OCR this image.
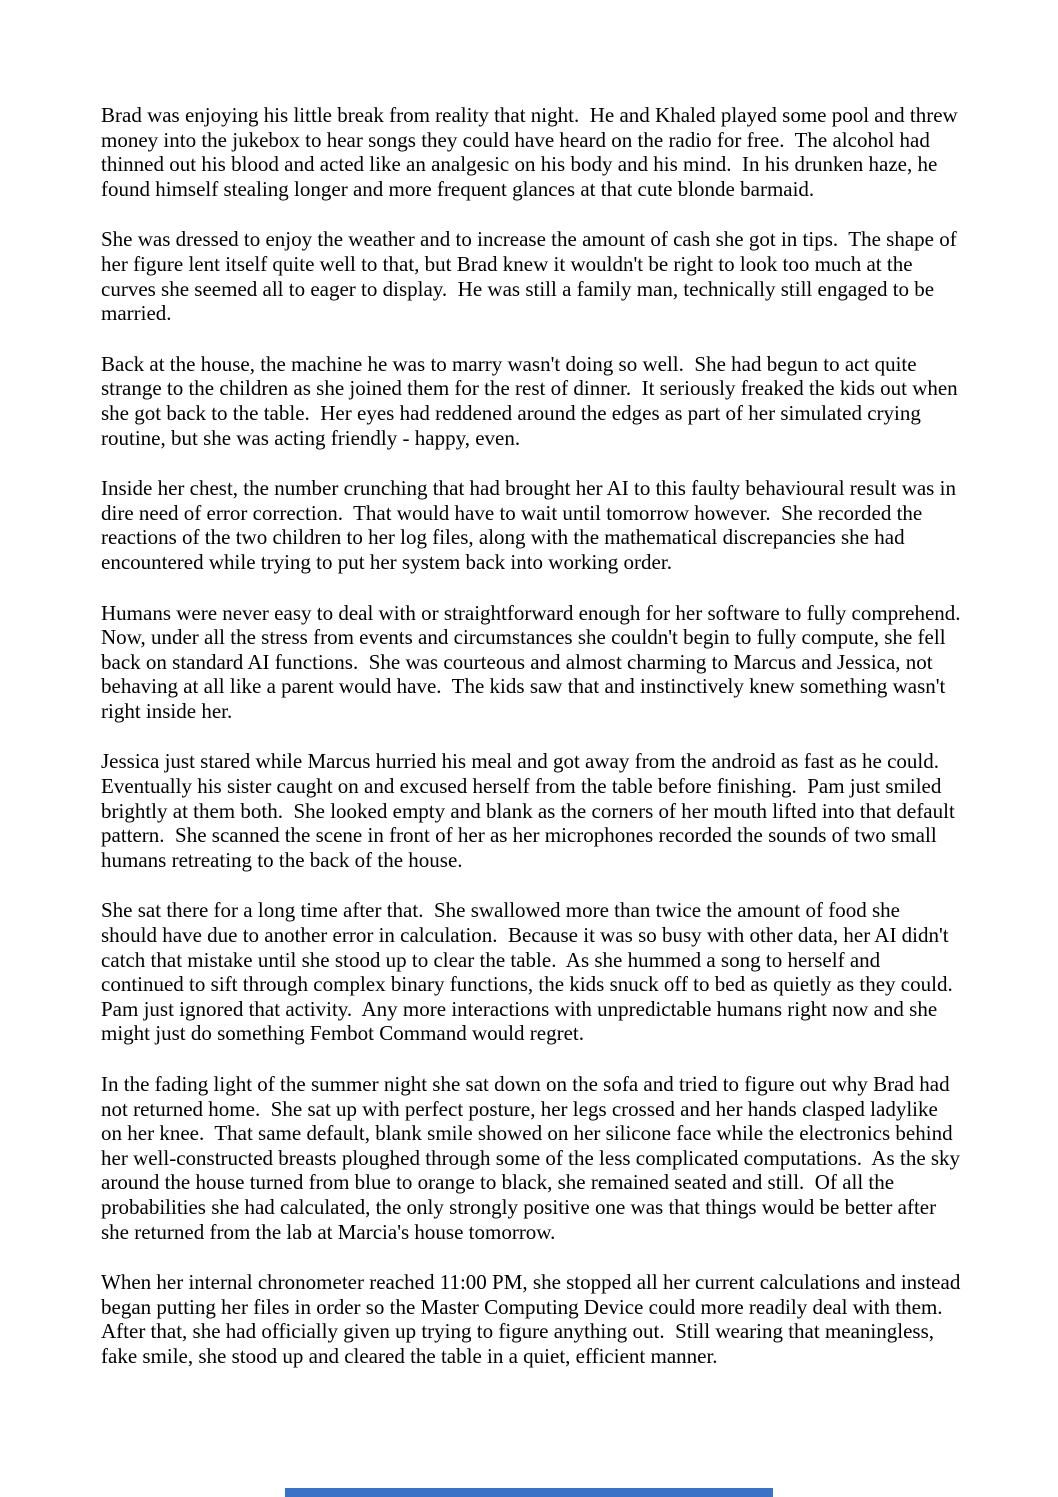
Brad was enjoying his little break from reality that night.  He and Khaled played some pool and threw money into the jukebox to hear songs they could have heard on the radio for free.  The alcohol had thinned out his blood and acted like an analgesic on his body and his mind.  In his drunken haze, he found himself stealing longer and more frequent glances at that cute blonde barmaid.

She was dressed to enjoy the weather and to increase the amount of cash she got in tips.  The shape of her figure lent itself quite well to that, but Brad knew it wouldn't be right to look too much at the curves she seemed all to eager to display.  He was still a family man, technically still engaged to be married.

Back at the house, the machine he was to marry wasn't doing so well.  She had begun to act quite strange to the children as she joined them for the rest of dinner.  It seriously freaked the kids out when she got back to the table.  Her eyes had reddened around the edges as part of her simulated crying routine, but she was acting friendly - happy, even.

Inside her chest, the number crunching that had brought her AI to this faulty behavioural result was in dire need of error correction.  That would have to wait until tomorrow however.  She recorded the reactions of the two children to her log files, along with the mathematical discrepancies she had encountered while trying to put her system back into working order.

Humans were never easy to deal with or straightforward enough for her software to fully comprehend.  Now, under all the stress from events and circumstances she couldn't begin to fully compute, she fell back on standard AI functions.  She was courteous and almost charming to Marcus and Jessica, not behaving at all like a parent would have.  The kids saw that and instinctively knew something wasn't right inside her.

Jessica just stared while Marcus hurried his meal and got away from the android as fast as he could.  Eventually his sister caught on and excused herself from the table before finishing.  Pam just smiled brightly at them both.  She looked empty and blank as the corners of her mouth lifted into that default pattern.  She scanned the scene in front of her as her microphones recorded the sounds of two small humans retreating to the back of the house.

She sat there for a long time after that.  She swallowed more than twice the amount of food she should have due to another error in calculation.  Because it was so busy with other data, her AI didn't catch that mistake until she stood up to clear the table.  As she hummed a song to herself and continued to sift through complex binary functions, the kids snuck off to bed as quietly as they could.  Pam just ignored that activity.  Any more interactions with unpredictable humans right now and she might just do something Fembot Command would regret.

In the fading light of the summer night she sat down on the sofa and tried to figure out why Brad had not returned home.  She sat up with perfect posture, her legs crossed and her hands clasped ladylike on her knee.  That same default, blank smile showed on her silicone face while the electronics behind her well-constructed breasts ploughed through some of the less complicated computations.  As the sky around the house turned from blue to orange to black, she remained seated and still.  Of all the probabilities she had calculated, the only strongly positive one was that things would be better after she returned from the lab at Marcia's house tomorrow.

When her internal chronometer reached 11:00 PM, she stopped all her current calculations and instead began putting her files in order so the Master Computing Device could more readily deal with them.  After that, she had officially given up trying to figure anything out.  Still wearing that meaningless, fake smile, she stood up and cleared the table in a quiet, efficient manner.
